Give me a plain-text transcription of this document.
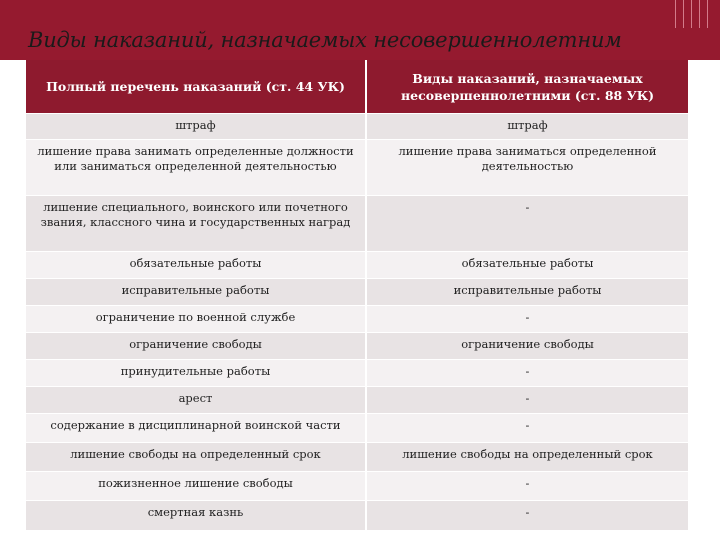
Виды наказаний, назначаемых несовершеннолетним
Полный перечень наказаний (ст. 44 УК)	Виды наказаний, назначаемых несовершеннолетними (ст. 88 УК)
штраф	штраф
лишение права занимать определенные должности или заниматься определенной деятельностью	лишение права заниматься определенной деятельностью
лишение специального, воинского или почетного звания, классного чина и государственных наград	-
обязательные работы	обязательные работы
исправительные работы	исправительные работы
ограничение по военной службе	-
ограничение свободы	ограничение свободы
принудительные работы	-
арест	-
содержание в дисциплинарной воинской части	-
лишение свободы на определенный срок	лишение свободы на определенный срок
пожизненное лишение свободы	-
смертная казнь	-
